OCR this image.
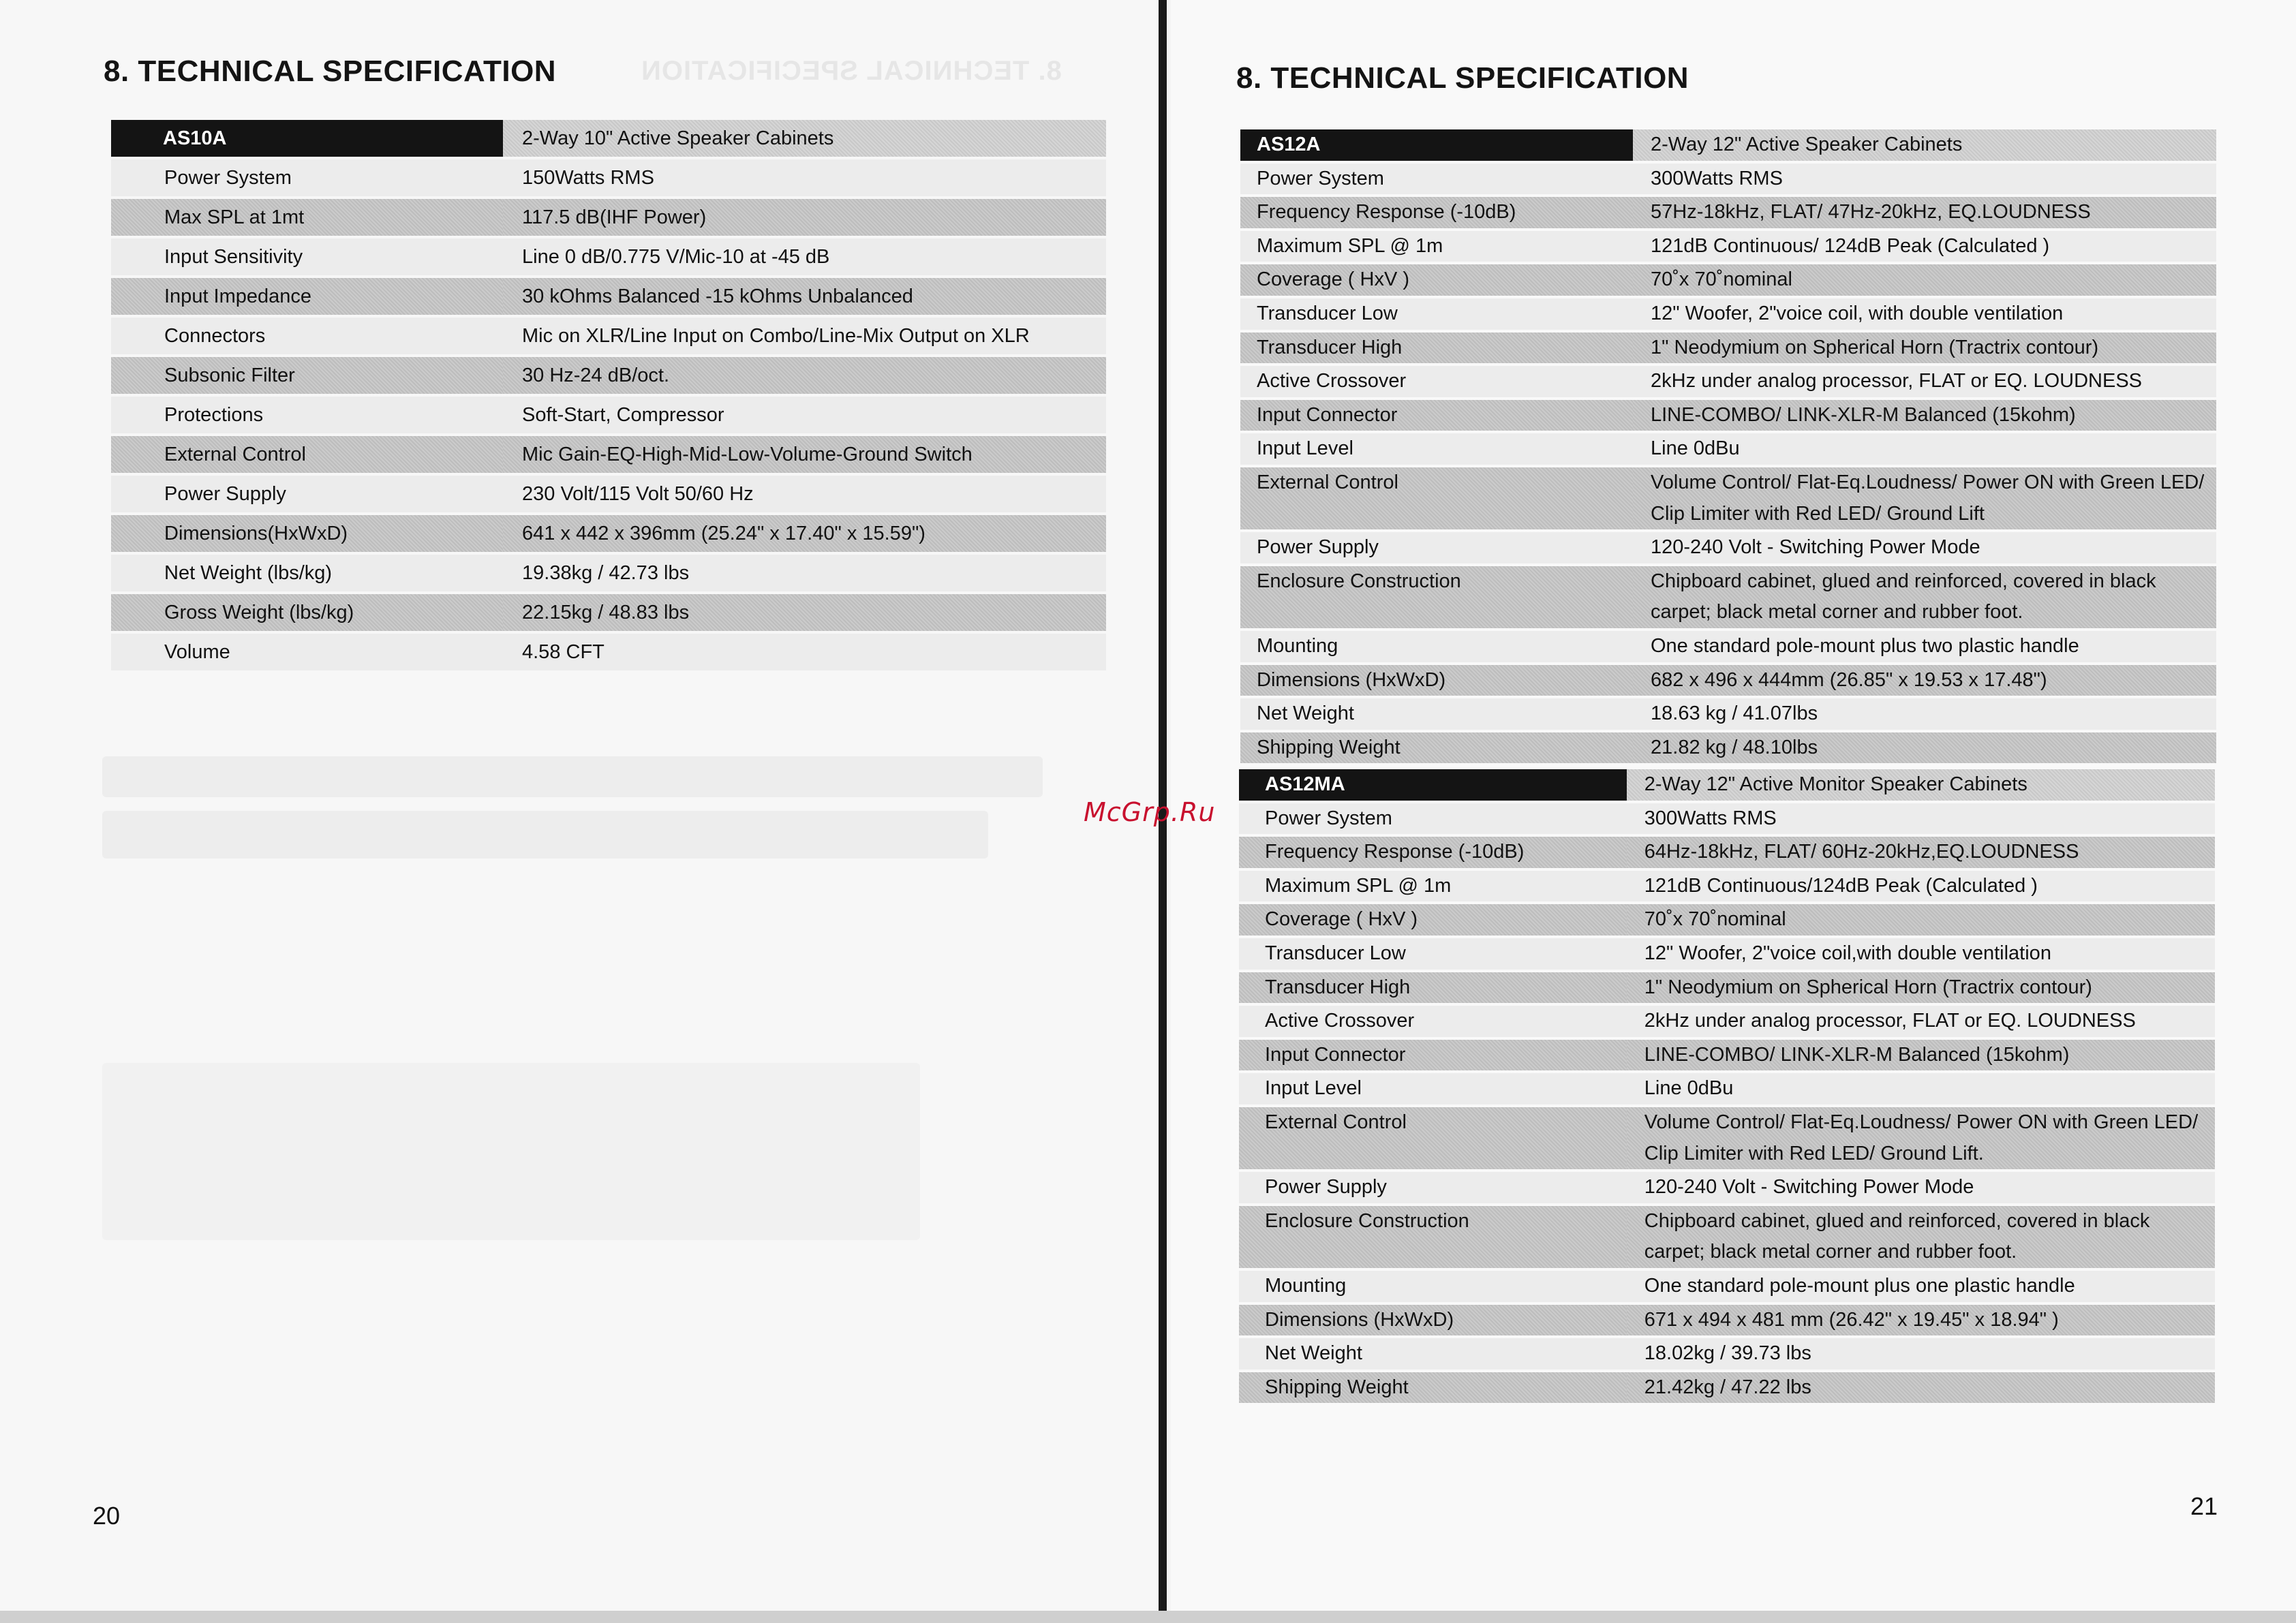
8. TECHNICAL SPECIFICATION
8. TECHNICAL SPECIFICATION
20
8. TECHNICAL SPECIFICATION
21
AS10A	2-Way 10" Active Speaker Cabinets
Power System	150Watts RMS
Max SPL at 1mt	117.5 dB(IHF Power)
Input Sensitivity	Line 0 dB/0.775 V/Mic-10 at -45 dB
Input Impedance	30 kOhms Balanced -15 kOhms Unbalanced
Connectors	Mic on XLR/Line Input on Combo/Line-Mix Output on XLR
Subsonic Filter	30 Hz-24 dB/oct.
Protections	Soft-Start, Compressor
External Control	Mic Gain-EQ-High-Mid-Low-Volume-Ground Switch
Power Supply	230 Volt/115 Volt 50/60 Hz
Dimensions(HxWxD)	641 x 442 x 396mm (25.24" x 17.40" x 15.59")
Net Weight (lbs/kg)	19.38kg / 42.73 lbs
Gross Weight (lbs/kg)	22.15kg / 48.83 lbs
Volume	4.58 CFT
AS12A	2-Way 12" Active Speaker Cabinets
Power System	300Watts RMS
Frequency Response (-10dB)	57Hz-18kHz, FLAT/ 47Hz-20kHz, EQ.LOUDNESS
Maximum SPL @ 1m	121dB Continuous/ 124dB Peak (Calculated )
Coverage ( HxV )	70˚x 70˚nominal
Transducer Low	12" Woofer, 2"voice coil, with double ventilation
Transducer High	1" Neodymium on Spherical Horn (Tractrix contour)
Active Crossover	2kHz under analog processor, FLAT or EQ. LOUDNESS
Input Connector	LINE-COMBO/ LINK-XLR-M Balanced (15kohm)
Input Level	Line 0dBu
External Control	Volume Control/ Flat-Eq.Loudness/ Power ON with Green LED/ Clip Limiter with Red LED/ Ground Lift
Power Supply	120-240 Volt - Switching Power Mode
Enclosure Construction	Chipboard cabinet, glued and reinforced, covered in black carpet; black metal corner and rubber foot.
Mounting	One standard pole-mount plus two plastic handle
Dimensions (HxWxD)	682 x 496 x 444mm (26.85" x 19.53 x 17.48")
Net Weight	18.63 kg / 41.07lbs
Shipping Weight	21.82 kg / 48.10lbs
AS12MA	2-Way 12" Active Monitor Speaker Cabinets
Power System	300Watts RMS
Frequency Response (-10dB)	64Hz-18kHz, FLAT/ 60Hz-20kHz,EQ.LOUDNESS
Maximum SPL @ 1m	121dB Continuous/124dB Peak (Calculated )
Coverage ( HxV )	70˚x 70˚nominal
Transducer Low	12" Woofer, 2"voice coil,with double ventilation
Transducer High	1" Neodymium on Spherical Horn (Tractrix contour)
Active Crossover	2kHz under analog processor, FLAT or EQ. LOUDNESS
Input Connector	LINE-COMBO/ LINK-XLR-M Balanced (15kohm)
Input Level	Line 0dBu
External Control	Volume Control/ Flat-Eq.Loudness/ Power ON with Green LED/ Clip Limiter with Red LED/ Ground Lift.
Power Supply	120-240 Volt - Switching Power Mode
Enclosure Construction	Chipboard cabinet, glued and reinforced, covered in black carpet; black metal corner and rubber foot.
Mounting	One standard pole-mount plus one plastic handle
Dimensions (HxWxD)	671 x 494 x 481 mm (26.42" x 19.45" x 18.94" )
Net Weight	18.02kg / 39.73 lbs
Shipping Weight	21.42kg / 47.22 lbs
McGrp.Ru
